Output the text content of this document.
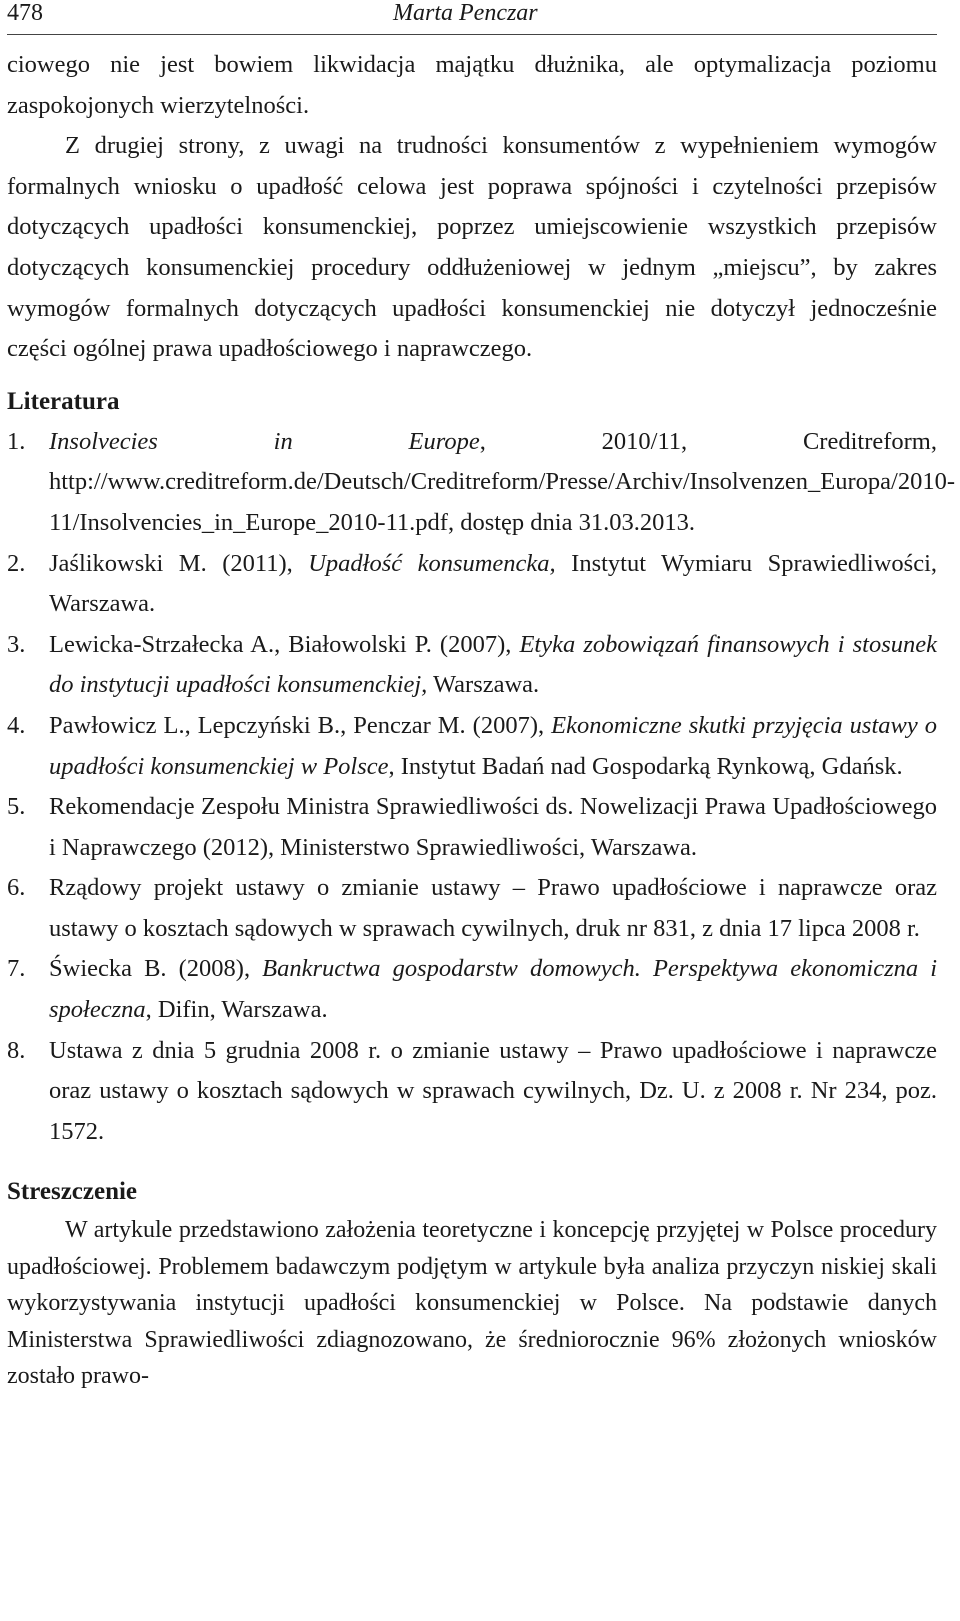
478	Marta Penczar

ciowego nie jest bowiem likwidacja majątku dłużnika, ale optymalizacja poziomu zaspokojonych wierzytelności.

Z drugiej strony, z uwagi na trudności konsumentów z wypełnieniem wymogów formalnych wniosku o upadłość celowa jest poprawa spójności i czytelności przepisów dotyczących upadłości konsumenckiej, poprzez umiejscowienie wszystkich przepisów dotyczących konsumenckiej procedury oddłużeniowej w jednym „miejscu”, by zakres wymogów formalnych dotyczących upadłości konsumenckiej nie dotyczył jednocześnie części ogólnej prawa upadłościowego i naprawczego.

Literatura
1. Insolvecies in Europe, 2010/11, Creditreform, http://www.creditreform.de/Deutsch/Creditreform/Presse/Archiv/Insolvenzen_Europa/2010-11/Insolvencies_in_Europe_2010-11.pdf, dostęp dnia 31.03.2013.
2. Jaślikowski M. (2011), Upadłość konsumencka, Instytut Wymiaru Sprawiedliwości, Warszawa.
3. Lewicka-Strzałecka A., Białowolski P. (2007), Etyka zobowiązań finansowych i stosunek do instytucji upadłości konsumenckiej, Warszawa.
4. Pawłowicz L., Lepczyński B., Penczar M. (2007), Ekonomiczne skutki przyjęcia ustawy o upadłości konsumenckiej w Polsce, Instytut Badań nad Gospodarką Rynkową, Gdańsk.
5. Rekomendacje Zespołu Ministra Sprawiedliwości ds. Nowelizacji Prawa Upadłościowego i Naprawczego (2012), Ministerstwo Sprawiedliwości, Warszawa.
6. Rządowy projekt ustawy o zmianie ustawy – Prawo upadłościowe i naprawcze oraz ustawy o kosztach sądowych w sprawach cywilnych, druk nr 831, z dnia 17 lipca 2008 r.
7. Świecka B. (2008), Bankructwa gospodarstw domowych. Perspektywa ekonomiczna i społeczna, Difin, Warszawa.
8. Ustawa z dnia 5 grudnia 2008 r. o zmianie ustawy – Prawo upadłościowe i naprawcze oraz ustawy o kosztach sądowych w sprawach cywilnych, Dz. U. z 2008 r. Nr 234, poz. 1572.
Streszczenie

W artykule przedstawiono założenia teoretyczne i koncepcję przyjętej w Polsce procedury upadłościowej. Problemem badawczym podjętym w artykule była analiza przyczyn niskiej skali wykorzystywania instytucji upadłości konsumenckiej w Polsce. Na podstawie danych Ministerstwa Sprawiedliwości zdiagnozowano, że średniorocznie 96% złożonych wniosków zostało prawo-
